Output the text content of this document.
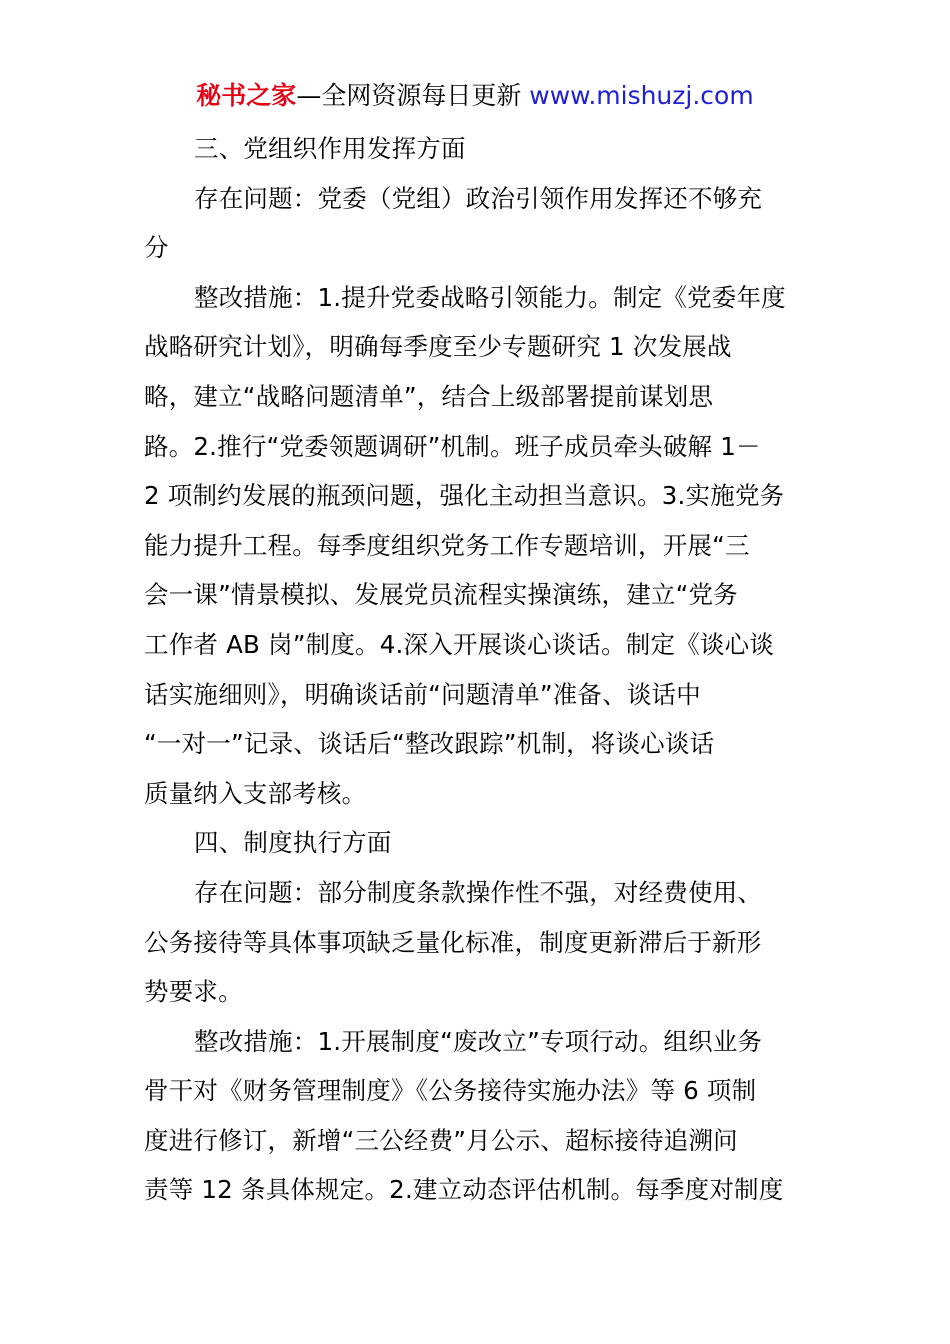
秘书之家—全网资源每日更新 www.mishuzj.com
三、党组织作用发挥方面
存在问题：党委（党组）政治引领作用发挥还不够充
分
整改措施：1.提升党委战略引领能力。制定《党委年度
战略研究计划》，明确每季度至少专题研究 1 次发展战
略，建立“战略问题清单”，结合上级部署提前谋划思
路。2.推行“党委领题调研”机制。班子成员牵头破解 1－
2 项制约发展的瓶颈问题，强化主动担当意识。3.实施党务
能力提升工程。每季度组织党务工作专题培训，开展“三
会一课”情景模拟、发展党员流程实操演练，建立“党务
工作者 AB 岗”制度。4.深入开展谈心谈话。制定《谈心谈
话实施细则》，明确谈话前“问题清单”准备、谈话中
“一对一”记录、谈话后“整改跟踪”机制，将谈心谈话
质量纳入支部考核。
四、制度执行方面
存在问题：部分制度条款操作性不强，对经费使用、
公务接待等具体事项缺乏量化标准，制度更新滞后于新形
势要求。
整改措施：1.开展制度“废改立”专项行动。组织业务
骨干对《财务管理制度》《公务接待实施办法》等 6 项制
度进行修订，新增“三公经费”月公示、超标接待追溯问
责等 12 条具体规定。2.建立动态评估机制。每季度对制度
